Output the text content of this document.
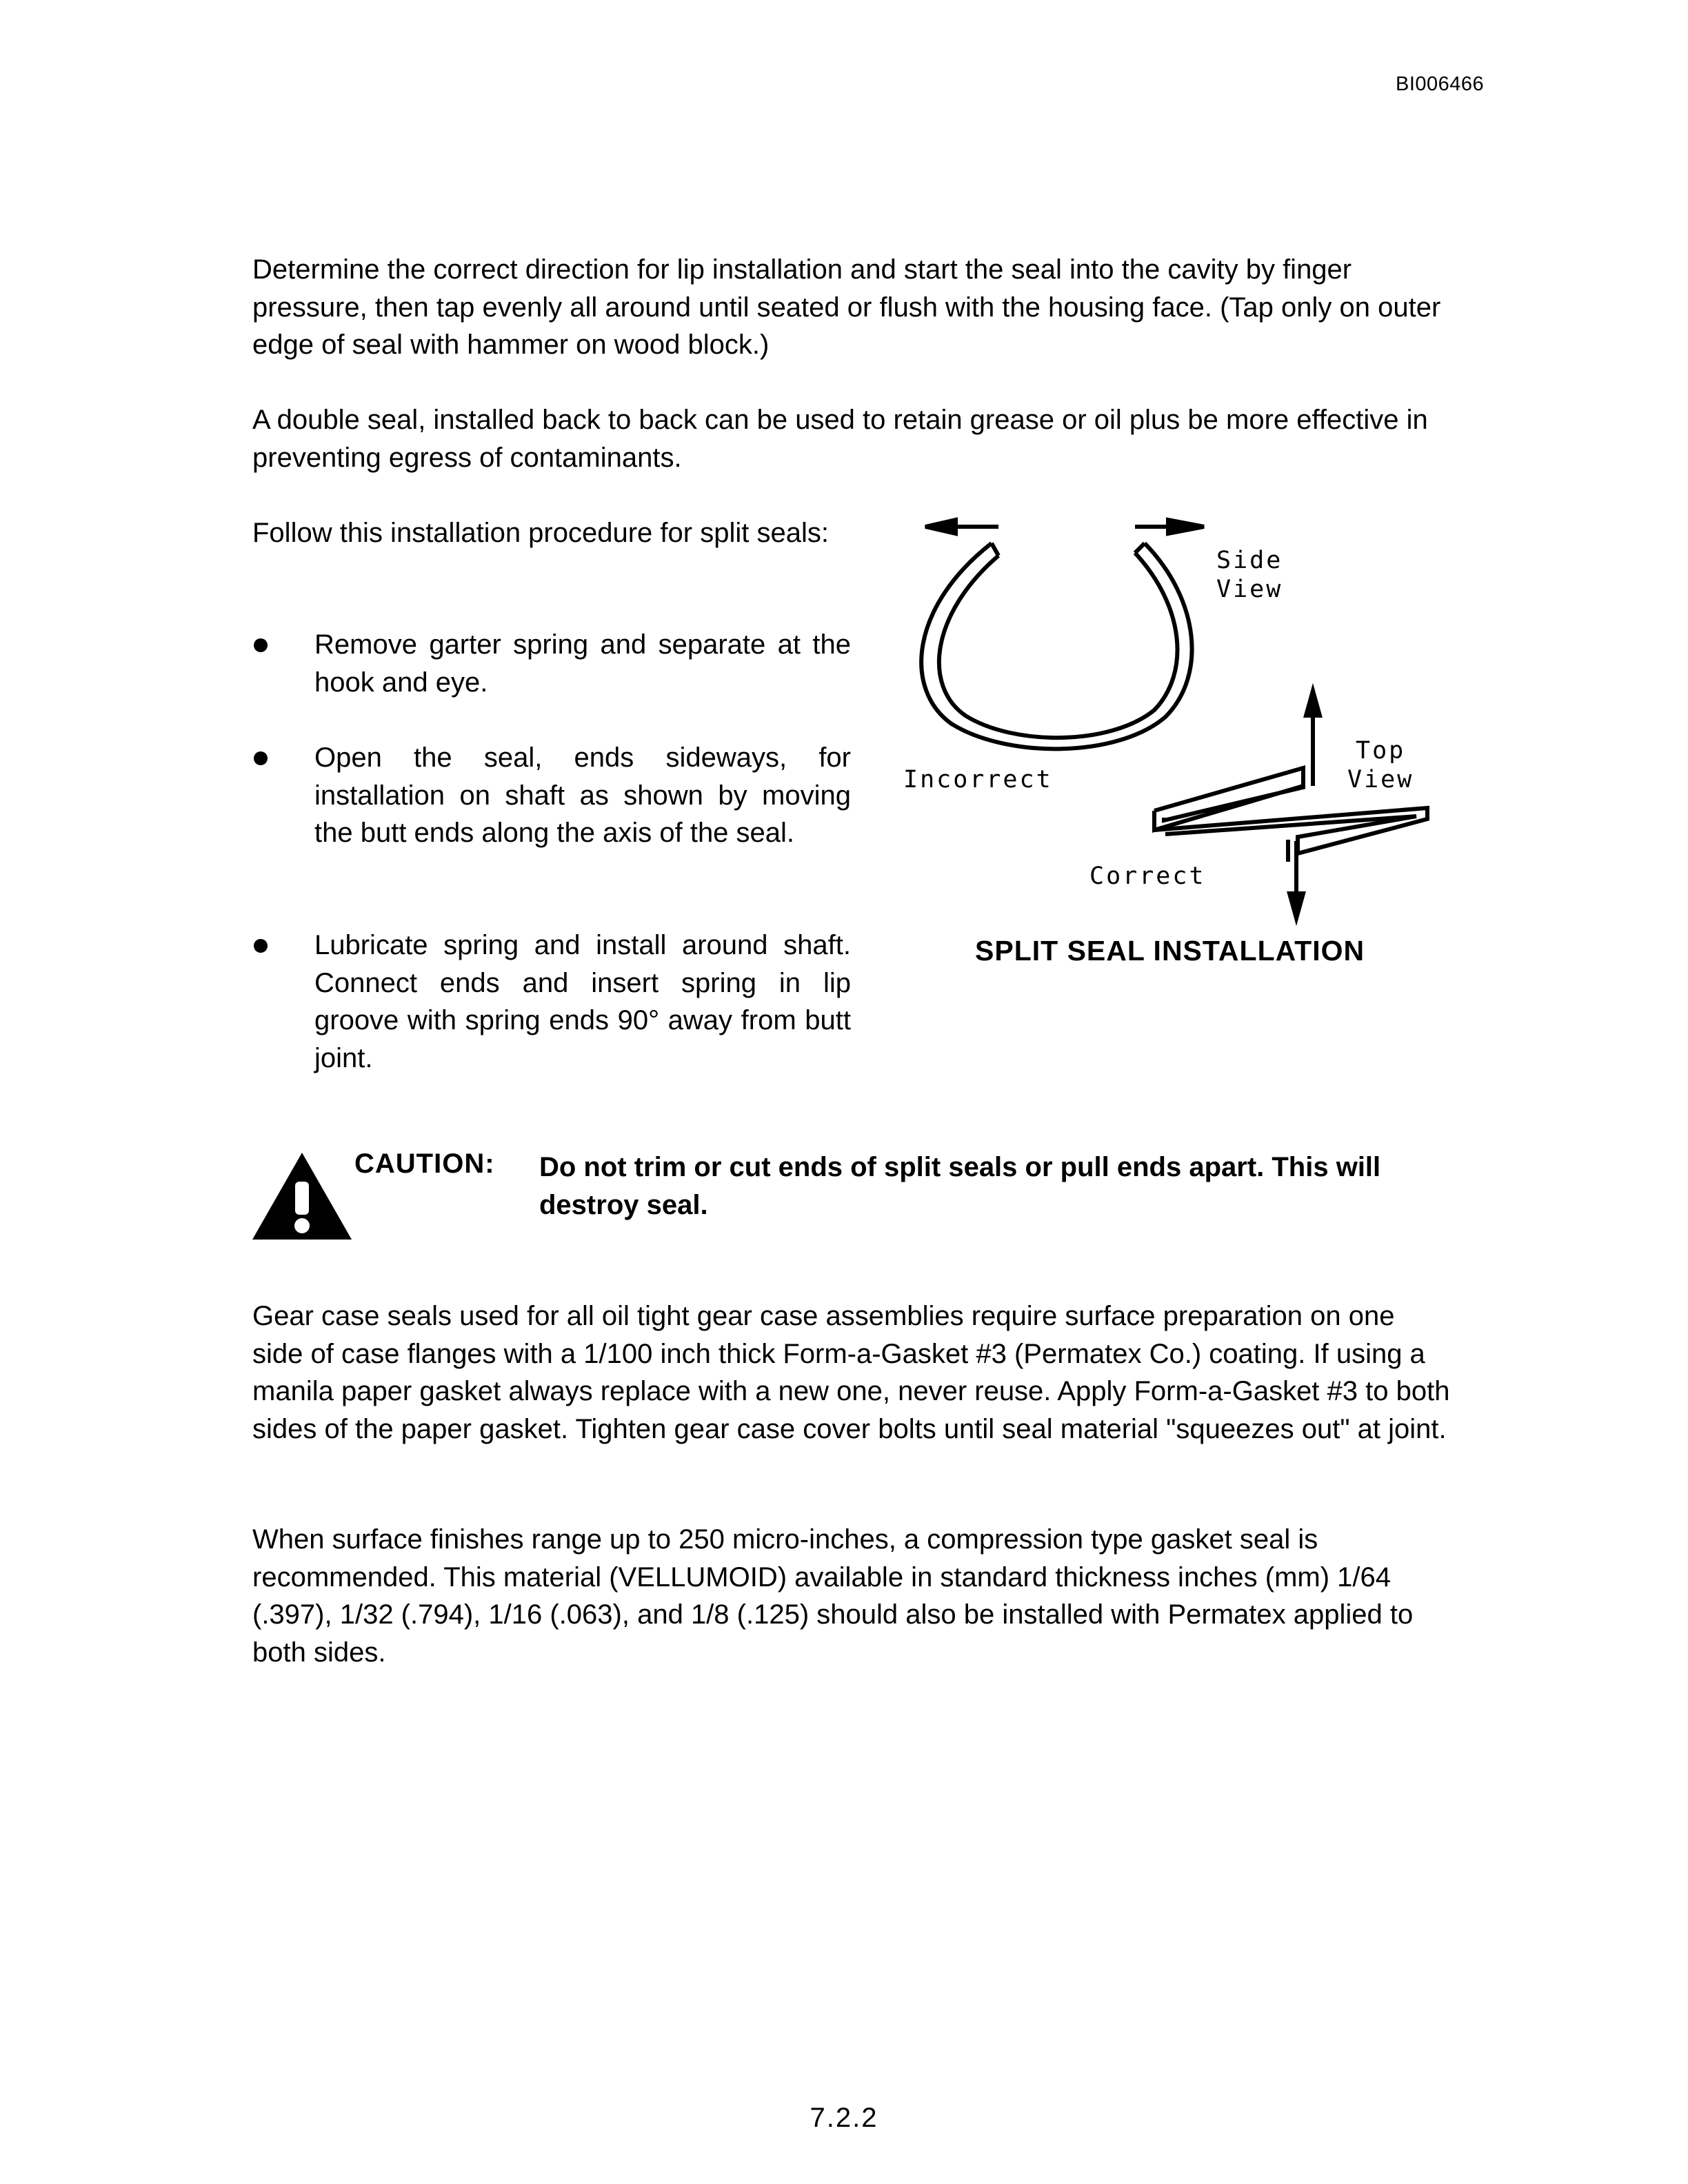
BI006466

Determine the correct direction for lip installation and start the seal into the cavity by finger pressure, then tap evenly all around until seated or flush with the housing face. (Tap only on outer edge of seal with hammer on wood block.)

A double seal, installed back to back can be used to retain grease or oil plus be more effective in preventing egress of contaminants.

Follow this installation procedure for split seals:

Remove garter spring and separate at the hook and eye.
Open the seal, ends sideways, for installation on shaft as shown by moving the butt ends along the axis of the seal.
Lubricate spring and install around shaft. Connect ends and insert spring in lip groove with spring ends 90° away from butt joint.
Side
View
Top
View
Incorrect
Correct
SPLIT SEAL INSTALLATION
CAUTION: Do not trim or cut ends of split seals or pull ends apart. This will destroy seal.

Gear case seals used for all oil tight gear case assemblies require surface preparation on one side of case flanges with a 1/100 inch thick Form-a-Gasket #3 (Permatex Co.) coating. If using a manila paper gasket always replace with a new one, never reuse. Apply Form-a-Gasket #3 to both sides of the paper gasket. Tighten gear case cover bolts until seal material "squeezes out" at joint.

When surface finishes range up to 250 micro-inches, a compression type gasket seal is recommended. This material (VELLUMOID) available in standard thickness inches (mm) 1/64 (.397), 1/32 (.794), 1/16 (.063), and 1/8 (.125) should also be installed with Permatex applied to both sides.

7.2.2
